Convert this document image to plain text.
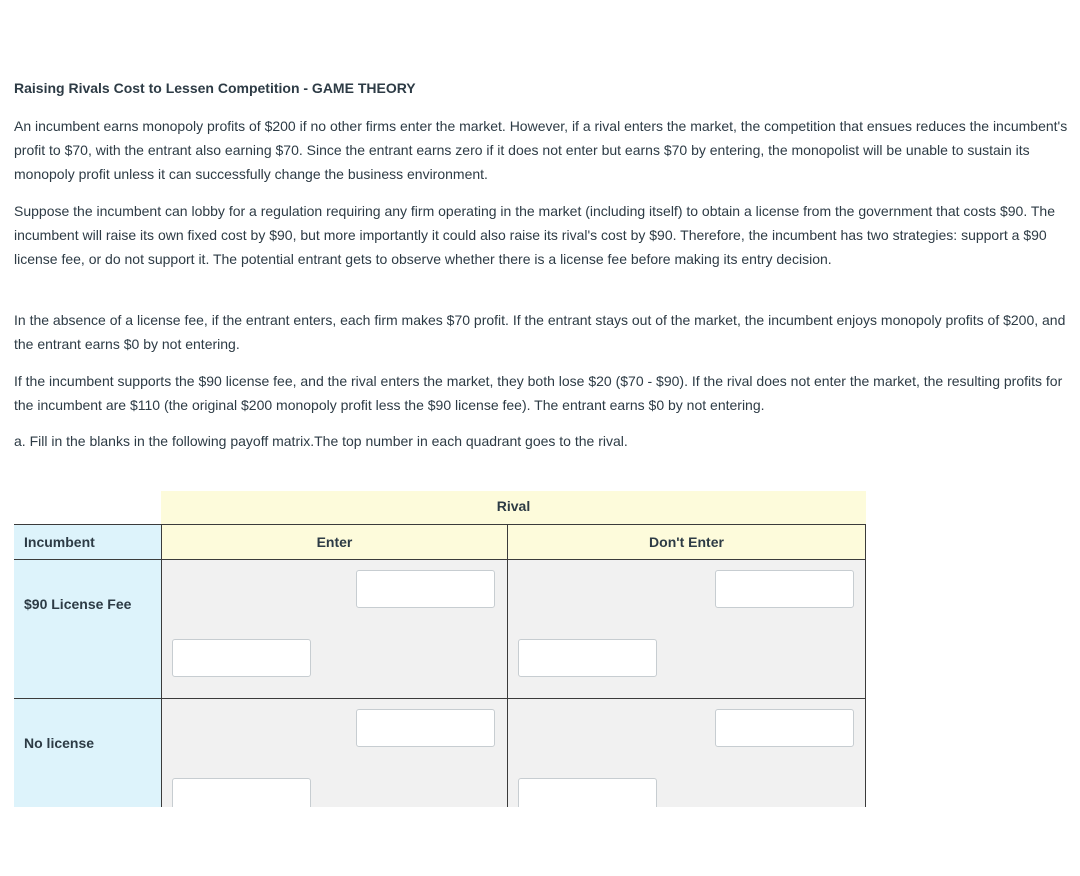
Raising Rivals Cost to Lessen Competition - GAME THEORY

An incumbent earns monopoly profits of $200 if no other firms enter the market. However, if a rival enters the market, the competition that ensues reduces the incumbent's profit to $70, with the entrant also earning $70. Since the entrant earns zero if it does not enter but earns $70 by entering, the monopolist will be unable to sustain its monopoly profit unless it can successfully change the business environment.

Suppose the incumbent can lobby for a regulation requiring any firm operating in the market (including itself) to obtain a license from the government that costs $90. The incumbent will raise its own fixed cost by $90, but more importantly it could also raise its rival's cost by $90. Therefore, the incumbent has two strategies: support a $90 license fee, or do not support it. The potential entrant gets to observe whether there is a license fee before making its entry decision.

In the absence of a license fee, if the entrant enters, each firm makes $70 profit. If the entrant stays out of the market, the incumbent enjoys monopoly profits of $200, and the entrant earns $0 by not entering.

If the incumbent supports the $90 license fee, and the rival enters the market, they both lose $20 ($70 - $90). If the rival does not enter the market, the resulting profits for the incumbent are $110 (the original $200 monopoly profit less the $90 license fee). The entrant earns $0 by not entering.

a. Fill in the blanks in the following payoff matrix.The top number in each quadrant goes to the rival.

Rival
Incumbent	Enter	Don't Enter
$90 License Fee
No license
